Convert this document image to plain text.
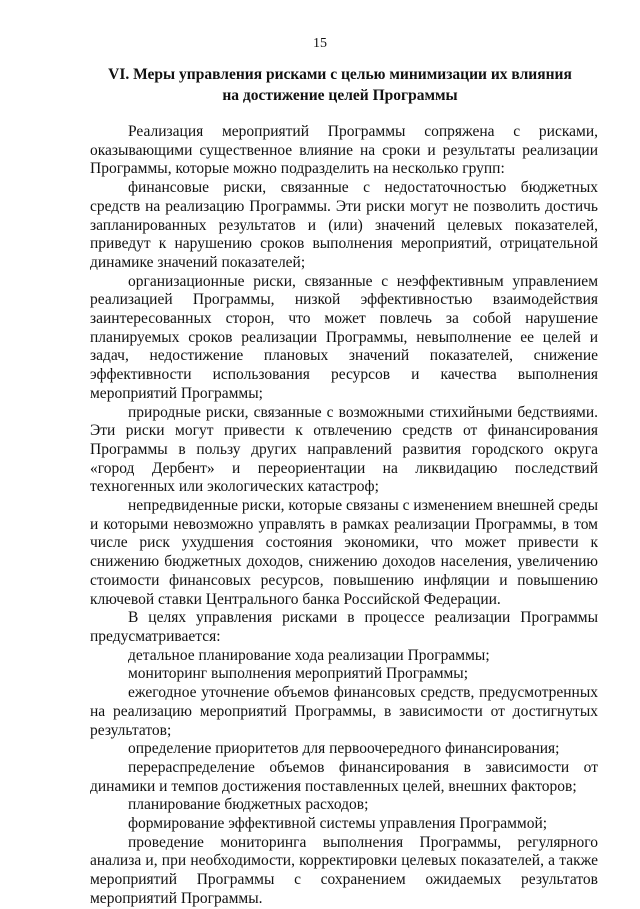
15
VI. Меры управления рисками с целью минимизации их влияния
на достижение целей Программы

Реализация мероприятий Программы сопряжена с рисками, оказывающими существенное влияние на сроки и результаты реализации Программы, которые можно подразделить на несколько групп:

финансовые риски, связанные с недостаточностью бюджетных средств на реализацию Программы. Эти риски могут не позволить достичь запланированных результатов и (или) значений целевых показателей, приведут к нарушению сроков выполнения мероприятий, отрицательной динамике значений показателей;

организационные риски, связанные с неэффективным управлением реализацией Программы, низкой эффективностью взаимодействия заинтересованных сторон, что может повлечь за собой нарушение планируемых сроков реализации Программы, невыполнение ее целей и задач, недостижение плановых значений показателей, снижение эффективности использования ресурсов и качества выполнения мероприятий Программы;

природные риски, связанные с возможными стихийными бедствиями. Эти риски могут привести к отвлечению средств от финансирования Программы в пользу других направлений развития городского округа «город Дербент» и переориентации на ликвидацию последствий техногенных или экологических катастроф;

непредвиденные риски, которые связаны с изменением внешней среды и которыми невозможно управлять в рамках реализации Программы, в том числе риск ухудшения состояния экономики, что может привести к снижению бюджетных доходов, снижению доходов населения, увеличению стоимости финансовых ресурсов, повышению инфляции и повышению ключевой ставки Центрального банка Российской Федерации.

В целях управления рисками в процессе реализации Программы предусматривается:

детальное планирование хода реализации Программы;

мониторинг выполнения мероприятий Программы;

ежегодное уточнение объемов финансовых средств, предусмотренных на реализацию мероприятий Программы, в зависимости от достигнутых результатов;

определение приоритетов для первоочередного финансирования;

перераспределение объемов финансирования в зависимости от динамики и темпов достижения поставленных целей, внешних факторов;

планирование бюджетных расходов;

формирование эффективной системы управления Программой;

проведение мониторинга выполнения Программы, регулярного анализа и, при необходимости, корректировки целевых показателей, а также мероприятий Программы с сохранением ожидаемых результатов мероприятий Программы.
